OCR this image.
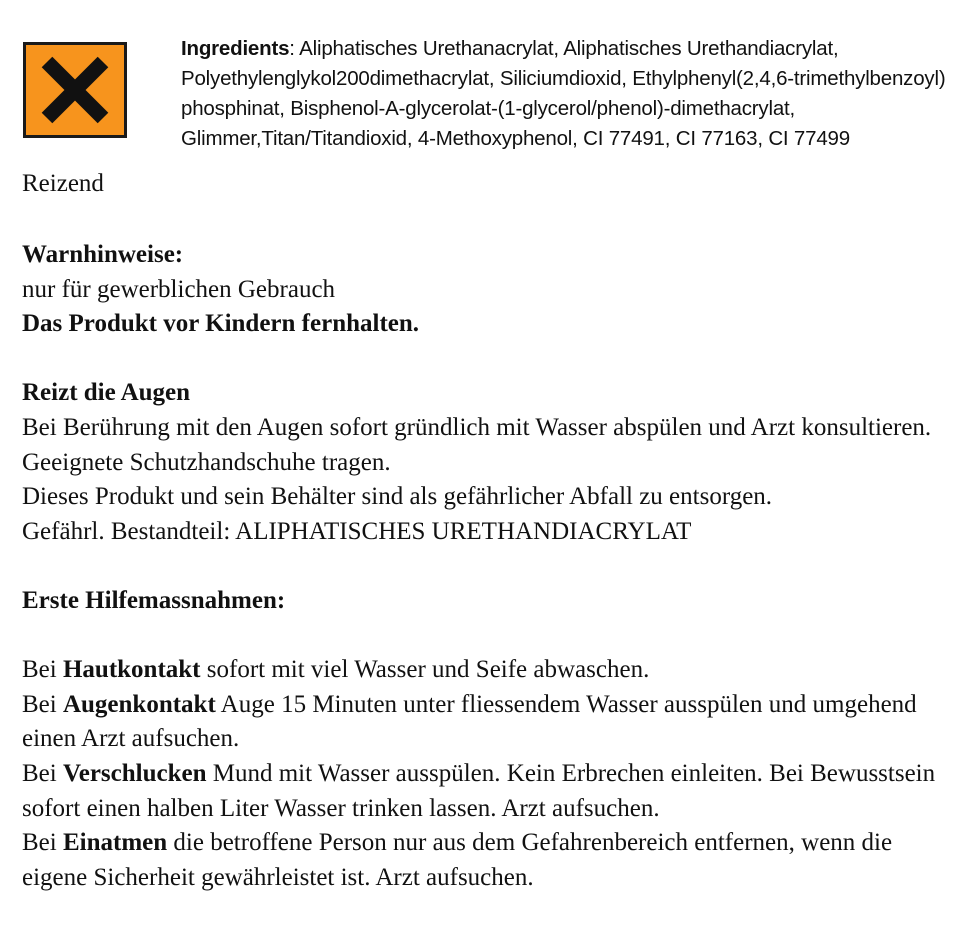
Reizend
Ingredients: Aliphatisches Urethanacrylat, Aliphatisches Urethandiacrylat, Polyethylenglykol200dimethacrylat, Siliciumdioxid, Ethylphenyl(2,4,6-trimethylbenzoyl) phosphinat, Bisphenol-A-glycerolat-(1-glycerol/phenol)-dimethacrylat, Glimmer,Titan/Titandioxid, 4-Methoxyphenol, CI 77491, CI 77163, CI 77499

Warnhinweise:

nur für gewerblichen Gebrauch

Das Produkt vor Kindern fernhalten.

Reizt die Augen

Bei Berührung mit den Augen sofort gründlich mit Wasser abspülen und Arzt konsultieren.

Geeignete Schutzhandschuhe tragen.

Dieses Produkt und sein Behälter sind als gefährlicher Abfall zu entsorgen.

Gefährl. Bestandteil: ALIPHATISCHES URETHANDIACRYLAT

Erste Hilfemassnahmen:

Bei Hautkontakt sofort mit viel Wasser und Seife abwaschen.

Bei Augenkontakt Auge 15 Minuten unter fliessendem Wasser ausspülen und umgehend einen Arzt aufsuchen.

Bei Verschlucken Mund mit Wasser ausspülen. Kein Erbrechen einleiten. Bei Bewusstsein sofort einen halben Liter Wasser trinken lassen. Arzt aufsuchen.

Bei Einatmen die betroffene Person nur aus dem Gefahrenbereich entfernen, wenn die eigene Sicherheit gewährleistet ist. Arzt aufsuchen.
